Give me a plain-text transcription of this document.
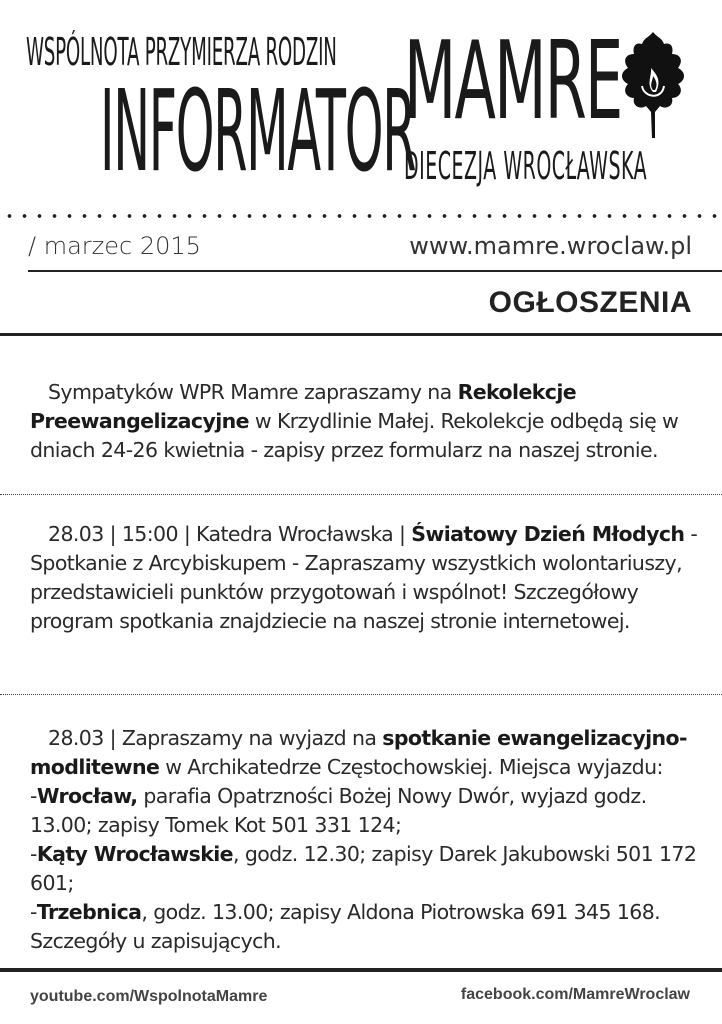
WSPÓLNOTA PRZYMIERZA RODZIN
INFORMATOR
MAMRE
DIECEZJA WROCŁAWSKA
/ marzec 2015	www.mamre.wroclaw.pl
OGŁOSZENIA
Sympatyków WPR Mamre zapraszamy na Rekolekcje Preewangelizacyjne w Krzydlinie Małej. Rekolekcje odbędą się w dniach 24-26 kwietnia - zapisy przez formularz na naszej stronie.
28.03 | 15:00 | Katedra Wrocławska | Światowy Dzień Młodych - Spotkanie z Arcybiskupem - Zapraszamy wszystkich wolontariuszy, przedstawicieli punktów przygotowań i wspólnot! Szczegółowy program spotkania znajdziecie na naszej stronie internetowej.
28.03 | Zapraszamy na wyjazd na spotkanie ewangelizacyjno-modlitewne w Archikatedrze Częstochowskiej. Miejsca wyjazdu:
-Wrocław, parafia Opatrzności Bożej Nowy Dwór, wyjazd godz. 13.00; zapisy Tomek Kot 501 331 124;
-Kąty Wrocławskie, godz. 12.30; zapisy Darek Jakubowski 501 172 601;
-Trzebnica, godz. 13.00; zapisy Aldona Piotrowska 691 345 168.
Szczegóły u zapisujących.
youtube.com/WspolnotaMamre	facebook.com/MamreWroclaw
